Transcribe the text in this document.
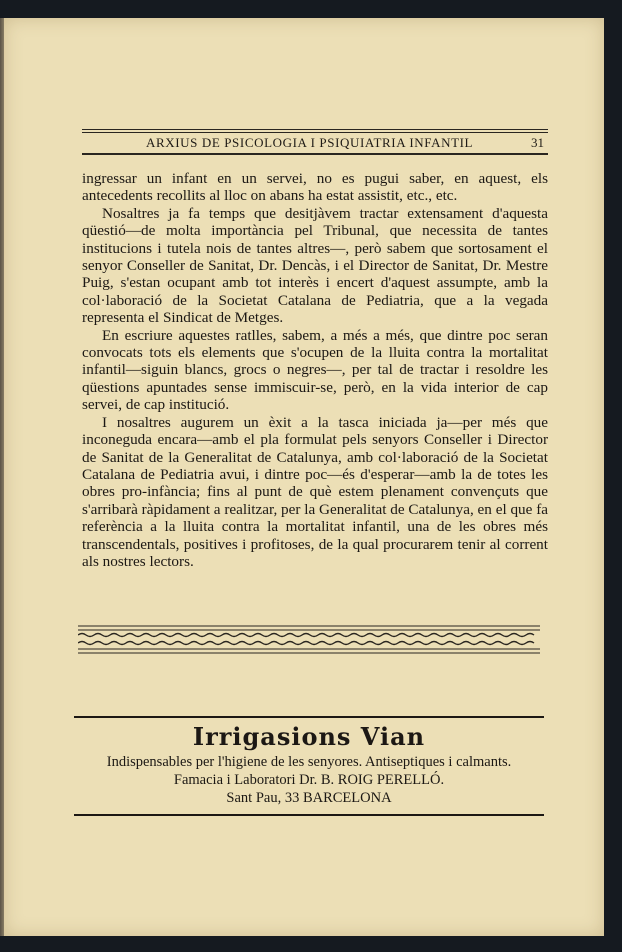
ARXIUS DE PSICOLOGIA I PSIQUIATRIA INFANTIL	31

ingressar un infant en un servei, no es pugui saber, en aquest, els antecedents recollits al lloc on abans ha estat assistit, etc., etc.

Nosaltres ja fa temps que desitjàvem tractar extensament d'aquesta qüestió—de molta importància pel Tribunal, que necessita de tantes institucions i tutela nois de tantes altres—, però sabem que sortosament el senyor Conseller de Sanitat, Dr. Dencàs, i el Director de Sanitat, Dr. Mestre Puig, s'estan ocupant amb tot interès i encert d'aquest assumpte, amb la col·laboració de la Societat Catalana de Pediatria, que a la vegada representa el Sindicat de Metges.

En escriure aquestes ratlles, sabem, a més a més, que dintre poc seran convocats tots els elements que s'ocupen de la lluita contra la mortalitat infantil—siguin blancs, grocs o negres—, per tal de tractar i resoldre les qüestions apuntades sense immiscuir-se, però, en la vida interior de cap servei, de cap institució.

I nosaltres augurem un èxit a la tasca iniciada ja—per més que inconeguda encara—amb el pla formulat pels senyors Conseller i Director de Sanitat de la Generalitat de Catalunya, amb col·laboració de la Societat Catalana de Pediatria avui, i dintre poc—és d'esperar—amb la de totes les obres pro-infància; fins al punt de què estem plenament convençuts que s'arribarà ràpidament a realitzar, per la Generalitat de Catalunya, en el que fa referència a la lluita contra la mortalitat infantil, una de les obres més transcendentals, positives i profitoses, de la qual procurarem tenir al corrent als nostres lectors.

Irrigasions Vian
Indispensables per l'higiene de les senyores. Antiseptiques i calmants.
Famacia i Laboratori Dr. B. ROIG PERELLÓ.
Sant Pau, 33 BARCELONA
